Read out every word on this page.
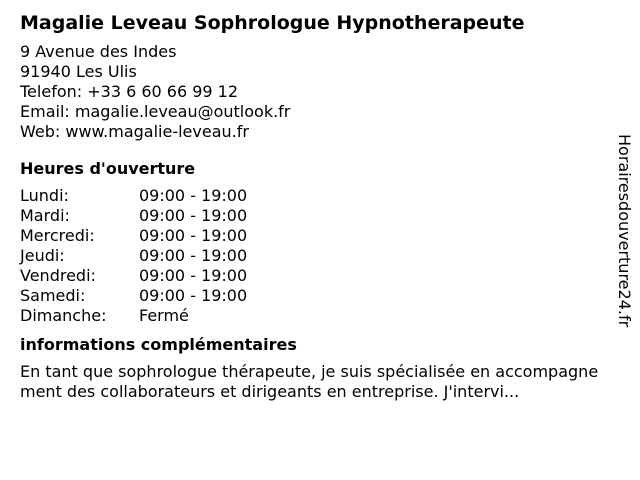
Magalie Leveau Sophrologue Hypnotherapeute
9 Avenue des Indes
91940 Les Ulis
Telefon: +33 6 60 66 99 12
Email: magalie.leveau@outlook.fr
Web: www.magalie-leveau.fr
Heures d'ouverture
Lundi:	09:00 - 19:00
Mardi:	09:00 - 19:00
Mercredi:	09:00 - 19:00
Jeudi:	09:00 - 19:00
Vendredi:	09:00 - 19:00
Samedi:	09:00 - 19:00
Dimanche: Fermé
informations complémentaires
En tant que sophrologue thérapeute, je suis spécialisée en accompagnement des collaborateurs et dirigeants en entreprise. J'intervi...
Horairesdouverture24.fr
